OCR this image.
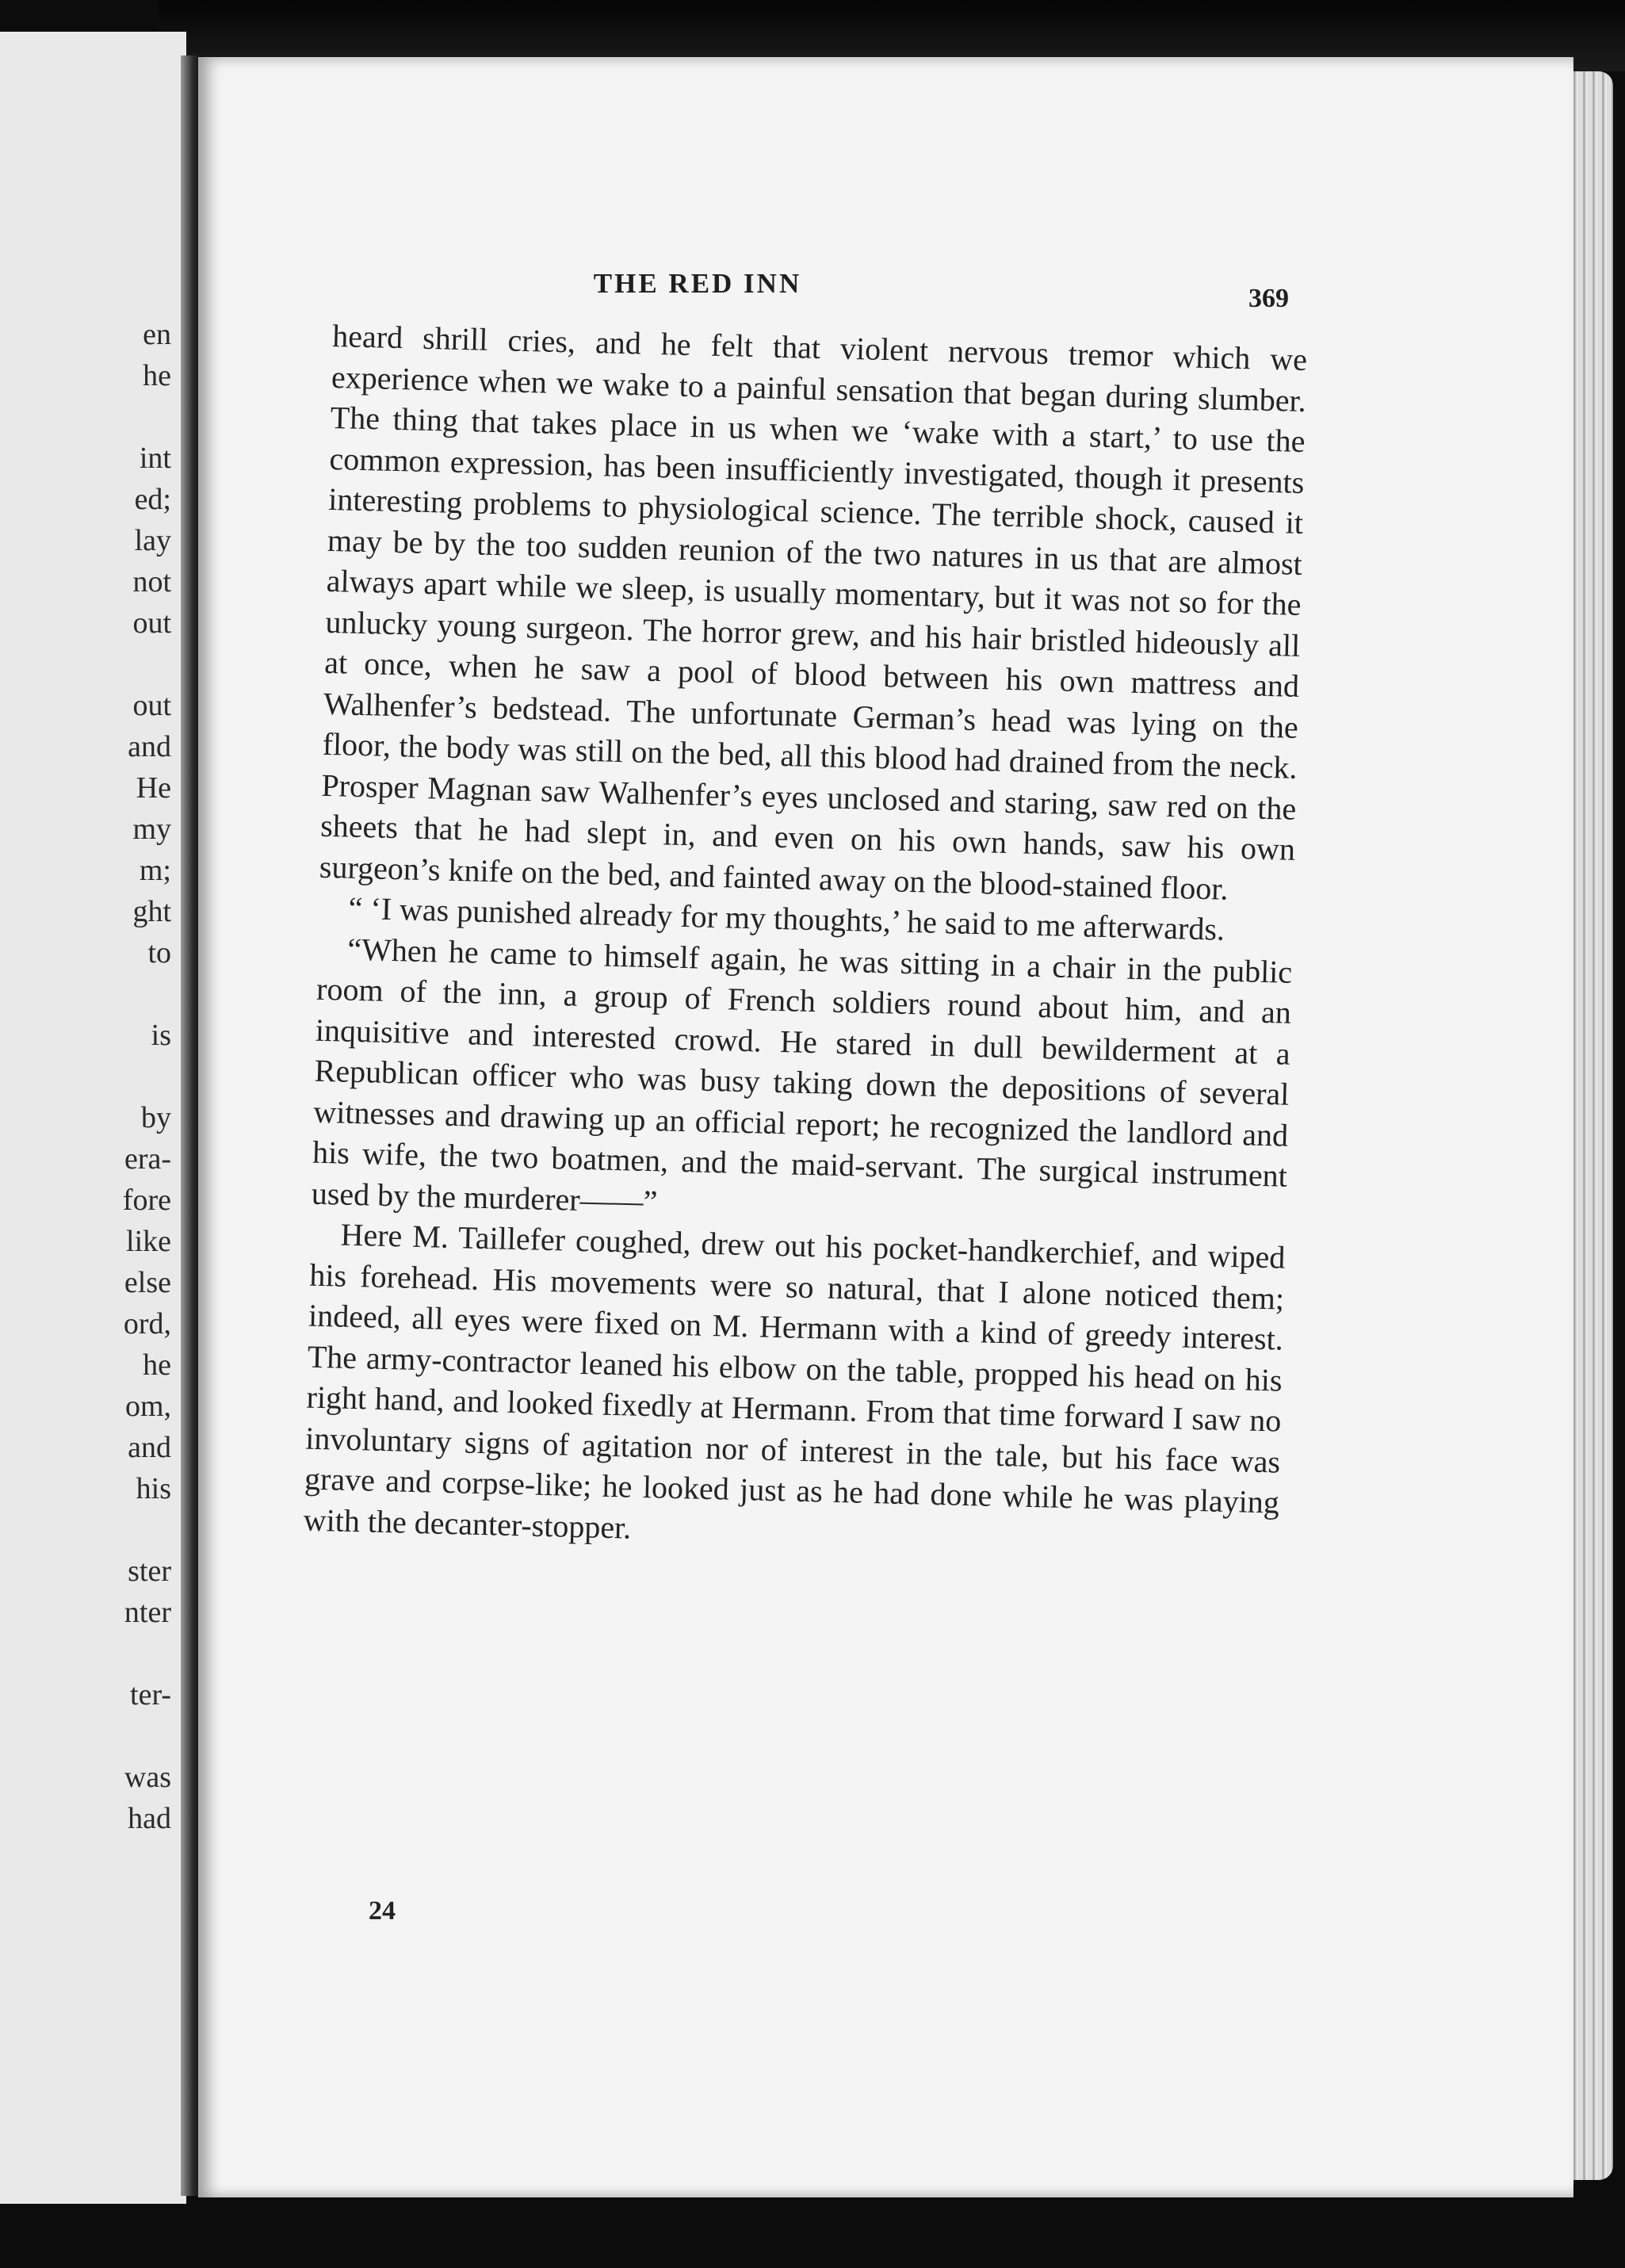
en
he
int
ed;
lay
not
out
out
and
He
my
m;
ght
to
is
by
era-
fore
like
else
ord,
he
om,
and
his
ster
nter
ter-
was
had
THE RED INN	369

heard shrill cries, and he felt that violent nervous tremor which we experience when we wake to a painful sensation that began during slumber. The thing that takes place in us when we ‘wake with a start,’ to use the common expression, has been insufficiently investigated, though it presents interesting problems to physiological science. The terrible shock, caused it may be by the too sudden reunion of the two natures in us that are almost always apart while we sleep, is usually momentary, but it was not so for the unlucky young surgeon. The horror grew, and his hair bristled hideously all at once, when he saw a pool of blood between his own mattress and Walhenfer’s bedstead. The unfortunate German’s head was lying on the floor, the body was still on the bed, all this blood had drained from the neck. Prosper Magnan saw Walhenfer’s eyes unclosed and staring, saw red on the sheets that he had slept in, and even on his own hands, saw his own surgeon’s knife on the bed, and fainted away on the blood-stained floor.

“ ‘I was punished already for my thoughts,’ he said to me afterwards.

“When he came to himself again, he was sitting in a chair in the public room of the inn, a group of French soldiers round about him, and an inquisitive and interested crowd. He stared in dull bewilderment at a Republican officer who was busy taking down the depositions of several witnesses and drawing up an official report; he recognized the landlord and his wife, the two boatmen, and the maid-servant. The surgical instrument used by the murderer——”

Here M. Taillefer coughed, drew out his pocket-handkerchief, and wiped his forehead. His movements were so natural, that I alone noticed them; indeed, all eyes were fixed on M. Hermann with a kind of greedy interest. The army-contractor leaned his elbow on the table, propped his head on his right hand, and looked fixedly at Hermann. From that time forward I saw no involuntary signs of agitation nor of interest in the tale, but his face was grave and corpse-like; he looked just as he had done while he was playing with the decanter-stopper.

24
